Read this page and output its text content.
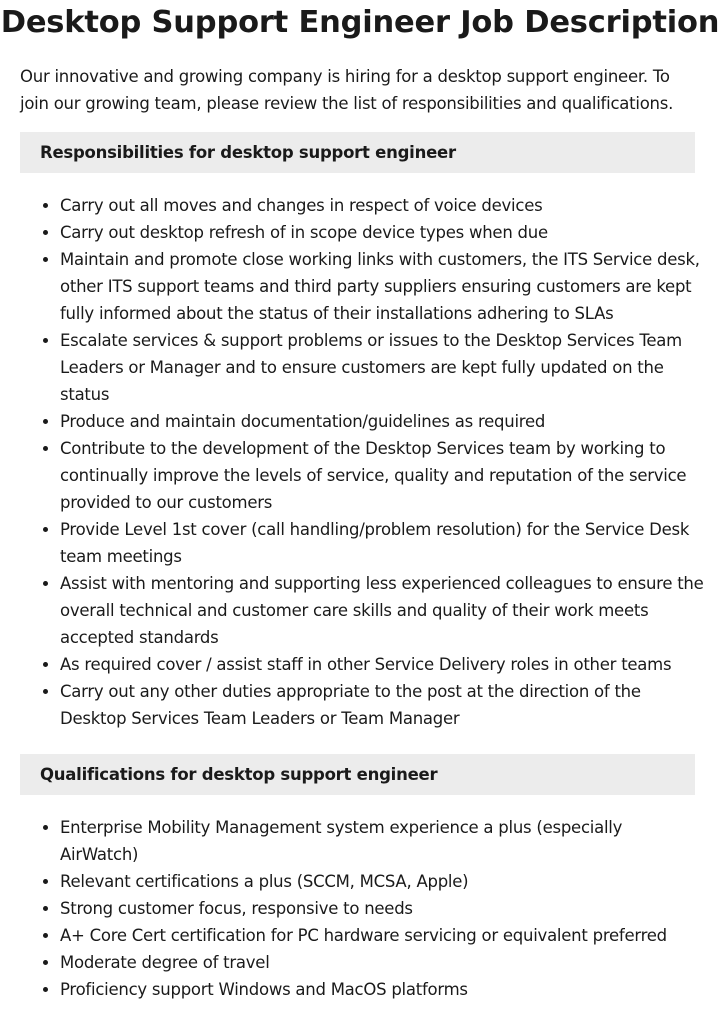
Desktop Support Engineer Job Description

Our innovative and growing company is hiring for a desktop support engineer. To join our growing team, please review the list of responsibilities and qualifications.

Responsibilities for desktop support engineer
• Carry out all moves and changes in respect of voice devices
• Carry out desktop refresh of in scope device types when due
• Maintain and promote close working links with customers, the ITS Service desk, other ITS support teams and third party suppliers ensuring customers are kept fully informed about the status of their installations adhering to SLAs
• Escalate services & support problems or issues to the Desktop Services Team Leaders or Manager and to ensure customers are kept fully updated on the status
• Produce and maintain documentation/guidelines as required
• Contribute to the development of the Desktop Services team by working to continually improve the levels of service, quality and reputation of the service provided to our customers
• Provide Level 1st cover (call handling/problem resolution) for the Service Desk team meetings
• Assist with mentoring and supporting less experienced colleagues to ensure the overall technical and customer care skills and quality of their work meets accepted standards
• As required cover / assist staff in other Service Delivery roles in other teams
• Carry out any other duties appropriate to the post at the direction of the Desktop Services Team Leaders or Team Manager
Qualifications for desktop support engineer
• Enterprise Mobility Management system experience a plus (especially AirWatch)
• Relevant certifications a plus (SCCM, MCSA, Apple)
• Strong customer focus, responsive to needs
• A+ Core Cert certification for PC hardware servicing or equivalent preferred
• Moderate degree of travel
• Proficiency support Windows and MacOS platforms
